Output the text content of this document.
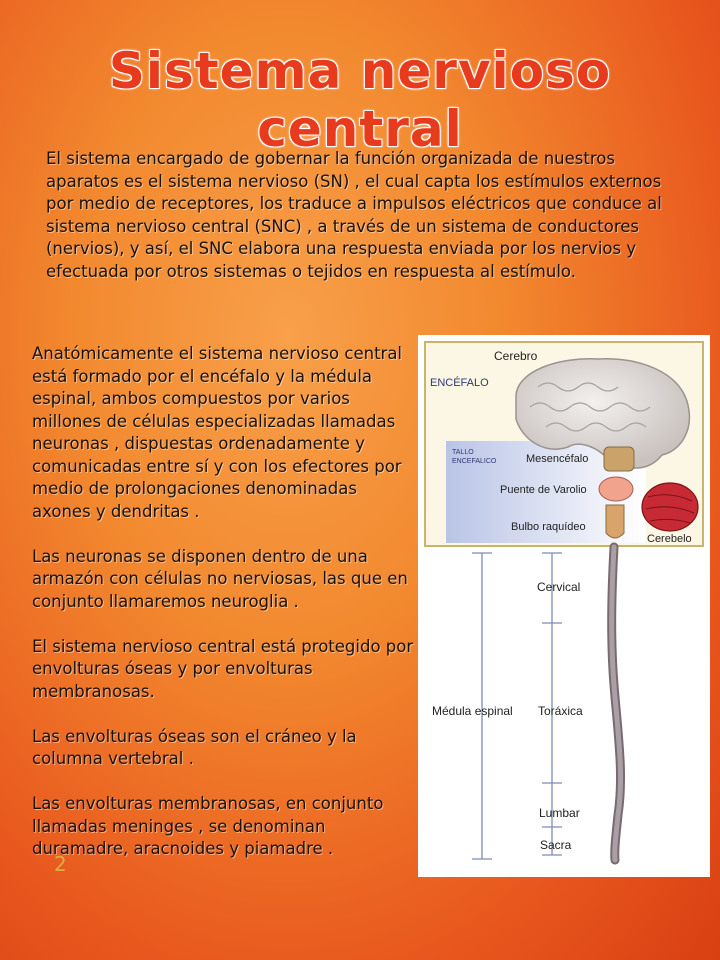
Sistema nervioso central

El sistema encargado de gobernar la función organizada de nuestros aparatos es el sistema nervioso (SN) , el cual capta los estímulos externos por medio de receptores, los traduce a impulsos eléctricos que conduce al sistema nervioso central (SNC) , a través de un sistema de conductores (nervios), y así, el SNC elabora una respuesta enviada por los nervios y efectuada por otros sistemas o tejidos en respuesta al estímulo.

Anatómicamente el sistema nervioso central está formado por el encéfalo y la médula espinal, ambos compuestos por varios millones de células especializadas llamadas neuronas , dispuestas ordenadamente y comunicadas entre sí y con los efectores por medio de prolongaciones denominadas axones y dendritas .

Las neuronas se disponen dentro de una armazón con células no nerviosas, las que en conjunto llamaremos neuroglia .

El sistema nervioso central está protegido por envolturas óseas y por envolturas membranosas.

Las envolturas óseas son el cráneo y la columna vertebral .

Las envolturas membranosas, en conjunto llamadas meninges , se denominan duramadre, aracnoides y piamadre .

2
Cerebro
ENCÉFALO
TALLO
ENCEFALICO	Mesencéfalo
Puente de Varolio
Bulbo raquídeo
Cerebelo
Cervical
Médula espinal Toráxica
Lumbar
Sacra
